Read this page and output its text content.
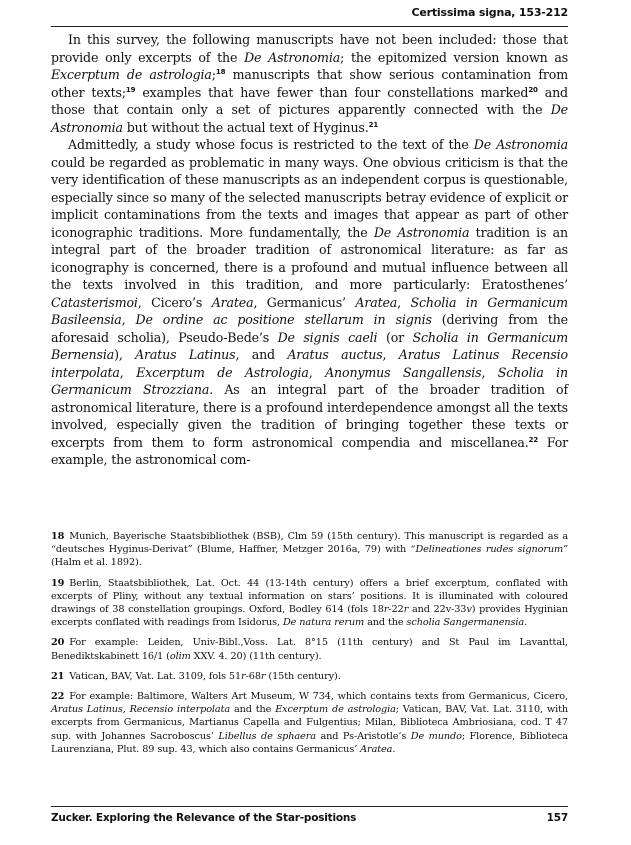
Certissima signa, 153-212

In this survey, the following manuscripts have not been included: those that provide only excerpts of the De Astronomia; the epitomized version known as Excerptum de astrologia;$^{18}$ manuscripts that show serious contamination from other texts;$^{19}$ examples that have fewer than four constellations marked$^{20}$ and those that contain only a set of pictures apparently connected with the De Astronomia but without the actual text of Hyginus.$^{21}$

Admittedly, a study whose focus is restricted to the text of the De Astronomia could be regarded as problematic in many ways. One obvious criticism is that the very identification of these manuscripts as an independent corpus is questionable, especially since so many of the selected manuscripts betray evidence of explicit or implicit contaminations from the texts and images that appear as part of other iconographic traditions. More fundamentally, the De Astronomia tradition is an integral part of the broader tradition of astronomical literature: as far as iconography is concerned, there is a profound and mutual influence between all the texts involved in this tradition, and more particularly: Eratosthenes’ Catasterismoi, Cicero’s Aratea, Germanicus’ Aratea, Scholia in Germanicum Basileensia, De ordine ac positione stellarum in signis (deriving from the aforesaid scholia), Pseudo-Bede’s De signis caeli (or Scholia in Germanicum Bernensia), Aratus Latinus, and Aratus auctus, Aratus Latinus Recensio interpolata, Excerptum de Astrologia, Anonymus Sangallensis, Scholia in Germanicum Strozziana. As an integral part of the broader tradition of astronomical literature, there is a profound interdependence amongst all the texts involved, especially given the tradition of bringing together these texts or excerpts from them to form astronomical compendia and miscellanea.$^{22}$ For example, the astronomical com-

18 Munich, Bayerische Staatsbibliothek (BSB), Clm 59 (15th century). This manuscript is regarded as a “deutsches Hyginus-Derivat” (Blume, Haffner, Metzger 2016a, 79) with “Delineationes rudes signorum” (Halm et al. 1892).

19 Berlin, Staatsbibliothek, Lat. Oct. 44 (13-14th century) offers a brief excerptum, conflated with excerpts of Pliny, without any textual information on stars’ positions. It is illuminated with coloured drawings of 38 constellation groupings. Oxford, Bodley 614 (fols 18r-22r and 22v-33v) provides Hyginian excerpts conflated with readings from Isidorus, De natura rerum and the scholia Sangermanensia.

20 For example: Leiden, Univ-Bibl.,Voss. Lat. 8°15 (11th century) and St Paul im Lavanttal, Benediktskabinett 16/1 (olim XXV. 4. 20) (11th century).

21 Vatican, BAV, Vat. Lat. 3109, fols 51r-68r (15th century).

22 For example: Baltimore, Walters Art Museum, W 734, which contains texts from Germanicus, Cicero, Aratus Latinus, Recensio interpolata and the Excerptum de astrologia; Vatican, BAV, Vat. Lat. 3110, with excerpts from Germanicus, Martianus Capella and Fulgentius; Milan, Biblioteca Ambriosiana, cod. T 47 sup. with Johannes Sacroboscus’ Libellus de sphaera and Ps-Aristotle’s De mundo; Florence, Biblioteca Laurenziana, Plut. 89 sup. 43, which also contains Germanicus’ Aratea.

Zucker. Exploring the Relevance of the Star-positions	157
